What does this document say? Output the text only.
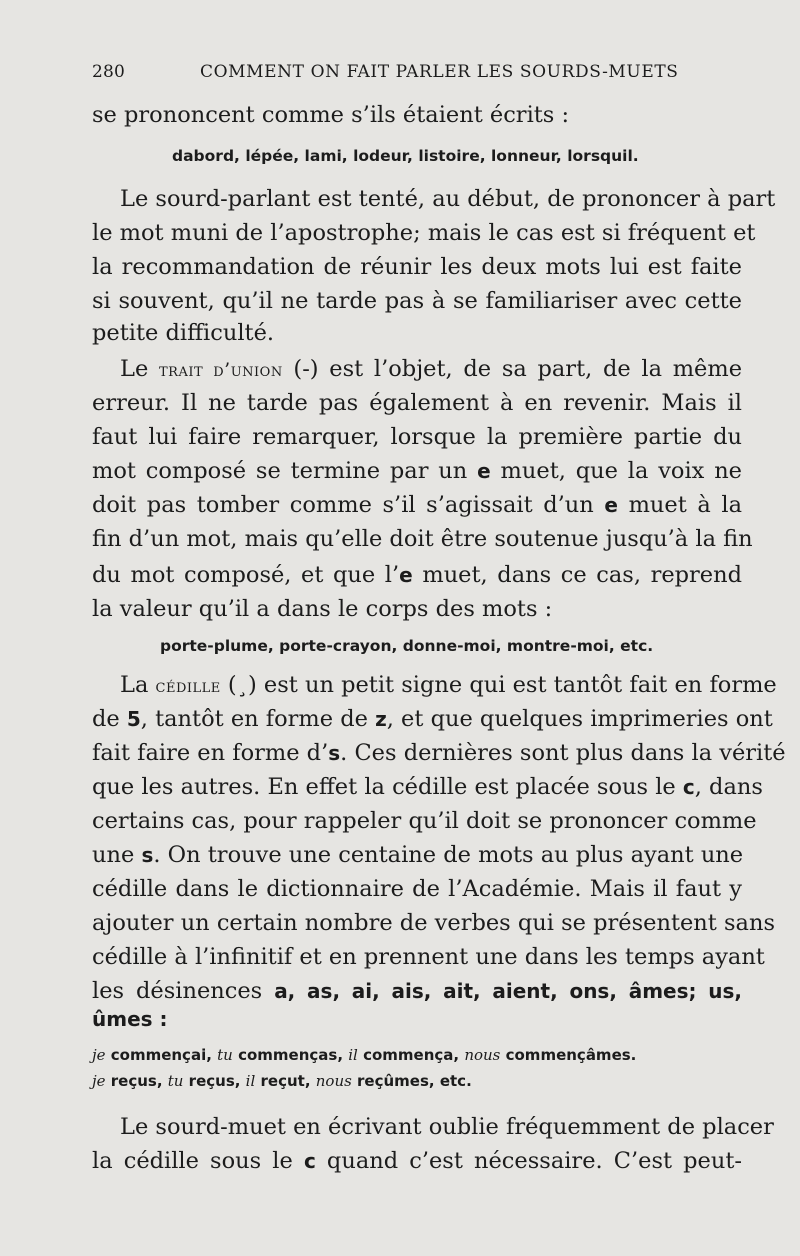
280	COMMENT ON FAIT PARLER LES SOURDS-MUETS
se prononcent comme s’ils étaient écrits :
dabord, lépée, lami, lodeur, listoire, lonneur, lorsquil.
Le sourd-parlant est tenté, au début, de prononcer à part
le mot muni de l’apostrophe; mais le cas est si fréquent et
la recommandation de réunir les deux mots lui est faite
si souvent, qu’il ne tarde pas à se familiariser avec cette
petite difficulté.
Le trait d’union (-) est l’objet, de sa part, de la même
erreur. Il ne tarde pas également à en revenir. Mais il
faut lui faire remarquer, lorsque la première partie du
mot composé se termine par un e muet, que la voix ne
doit pas tomber comme s’il s’agissait d’un e muet à la
fin d’un mot, mais qu’elle doit être soutenue jusqu’à la fin
du mot composé, et que l’e muet, dans ce cas, reprend
la valeur qu’il a dans le corps des mots :
porte-plume, porte-crayon, donne-moi, montre-moi, etc.
La cédille (¸) est un petit signe qui est tantôt fait en forme
de 5, tantôt en forme de z, et que quelques imprimeries ont
fait faire en forme d’s. Ces dernières sont plus dans la vérité
que les autres. En effet la cédille est placée sous le c, dans
certains cas, pour rappeler qu’il doit se prononcer comme
une s. On trouve une centaine de mots au plus ayant une
cédille dans le dictionnaire de l’Académie. Mais il faut y
ajouter un certain nombre de verbes qui se présentent sans
cédille à l’infinitif et en prennent une dans les temps ayant
les désinences a, as, ai, ais, ait, aient, ons, âmes; us,
ûmes :
je commençai, tu commenças, il commença, nous commençâmes.
je reçus, tu reçus, il reçut, nous reçûmes, etc.
Le sourd-muet en écrivant oublie fréquemment de placer
la cédille sous le c quand c’est nécessaire. C’est peut-
